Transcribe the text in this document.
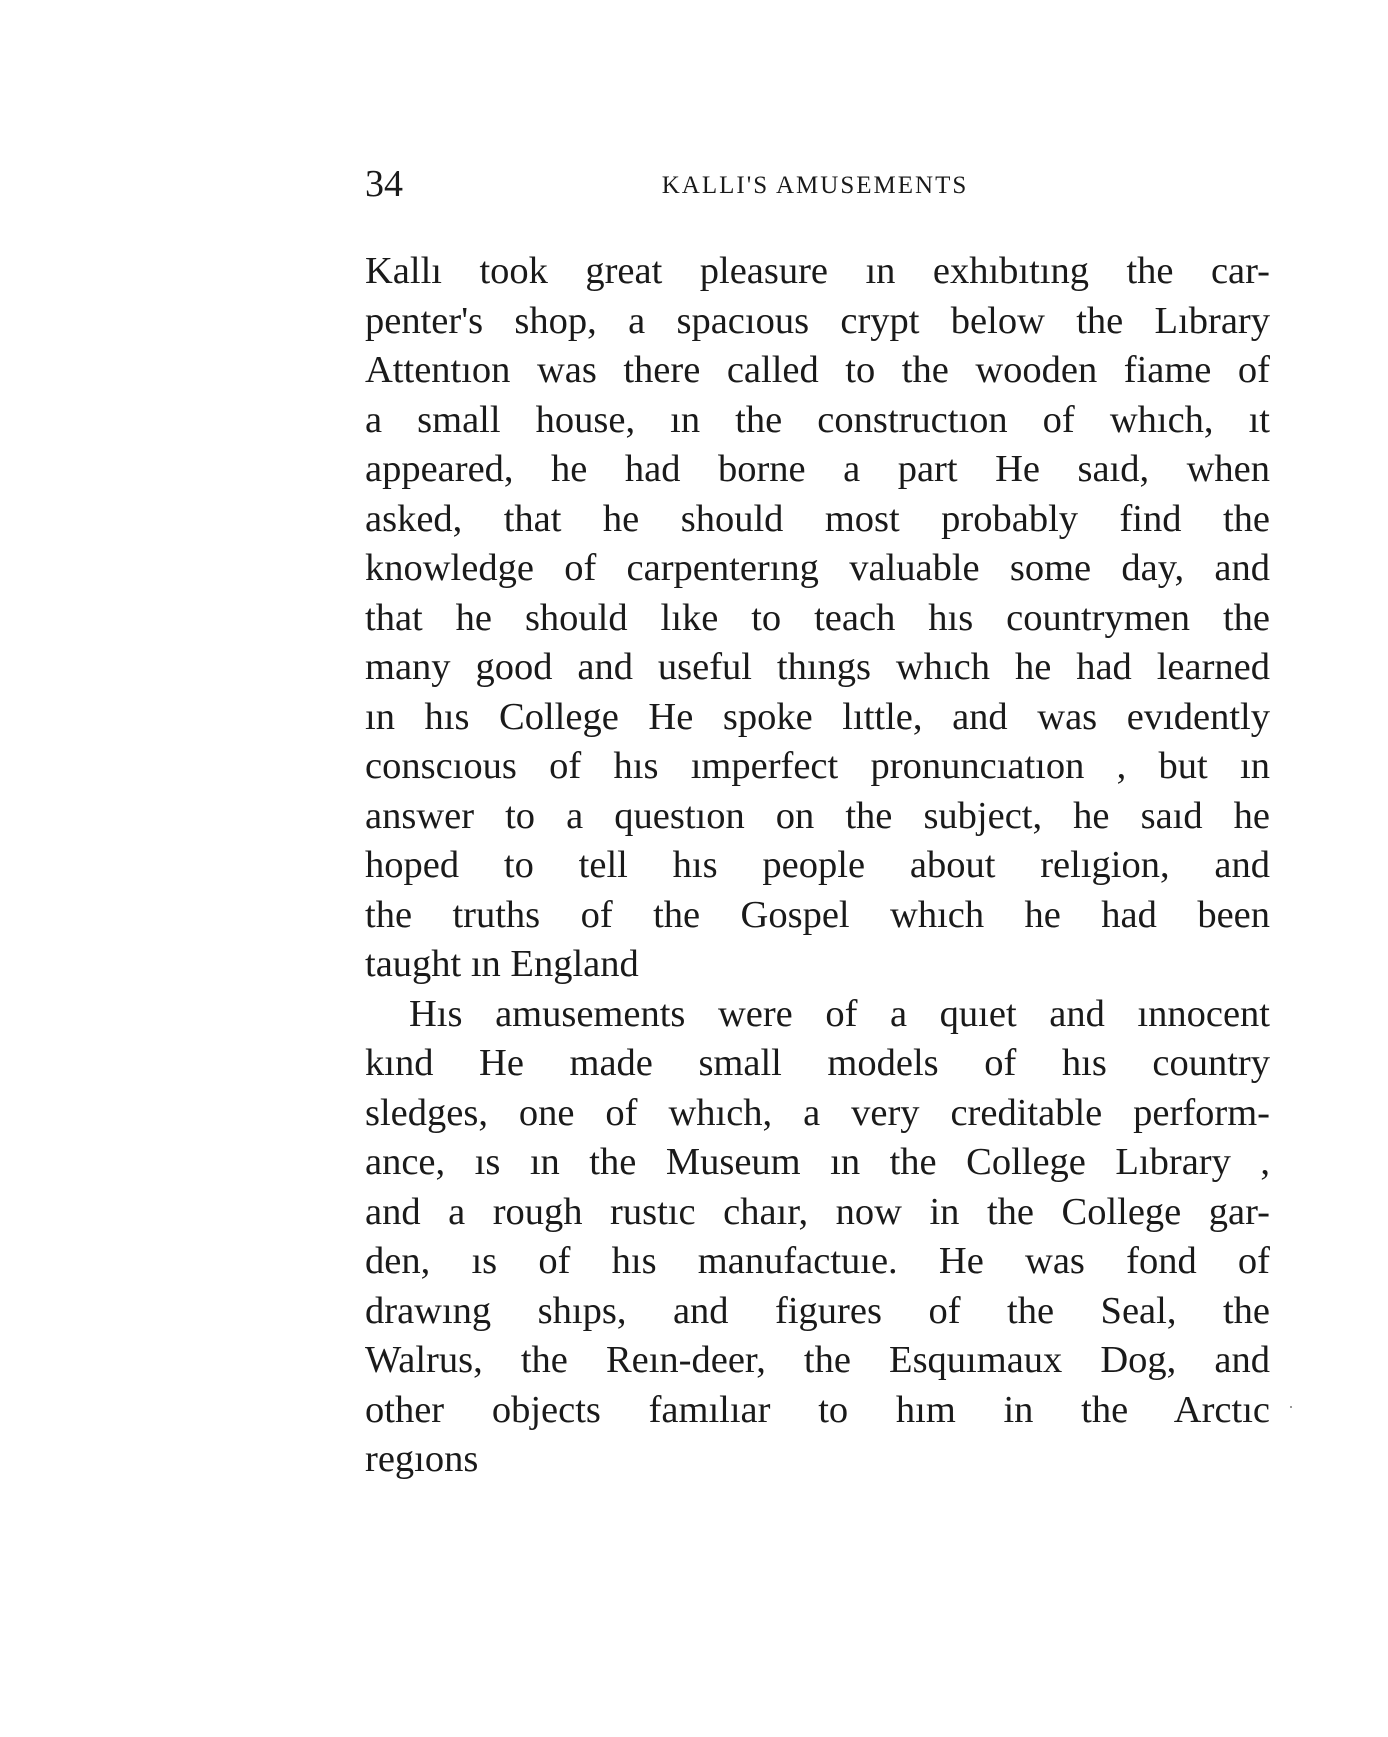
34	KALLI'S AMUSEMENTS
Kallı took great pleasure ın exhıbıtıng the car-
penter's shop, a spacıous crypt below the Lıbrary
Attentıon was there called to the wooden fiame of
a small house, ın the constructıon of whıch, ıt
appeared, he had borne a part He saıd, when
asked, that he should most probably find the
knowledge of carpenterıng valuable some day, and
that he should lıke to teach hıs countrymen the
many good and useful thıngs whıch he had learned
ın hıs College He spoke lıttle, and was evıdently
conscıous of hıs ımperfect pronuncıatıon , but ın
answer to a questıon on the subject, he saıd he
hoped to tell hıs people about relıgion, and
the truths of the Gospel whıch he had been
taught ın England
Hıs amusements were of a quıet and ınnocent
kınd He made small models of hıs country
sledges, one of whıch, a very creditable perform-
ance, ıs ın the Museum ın the College Lıbrary ,
and a rough rustıc chaır, now in the College gar-
den, ıs of hıs manufactuıe. He was fond of
drawıng shıps, and figures of the Seal, the
Walrus, the Reın-deer, the Esquımaux Dog, and
other objects famılıar to hım in the Arctıc
regıons
